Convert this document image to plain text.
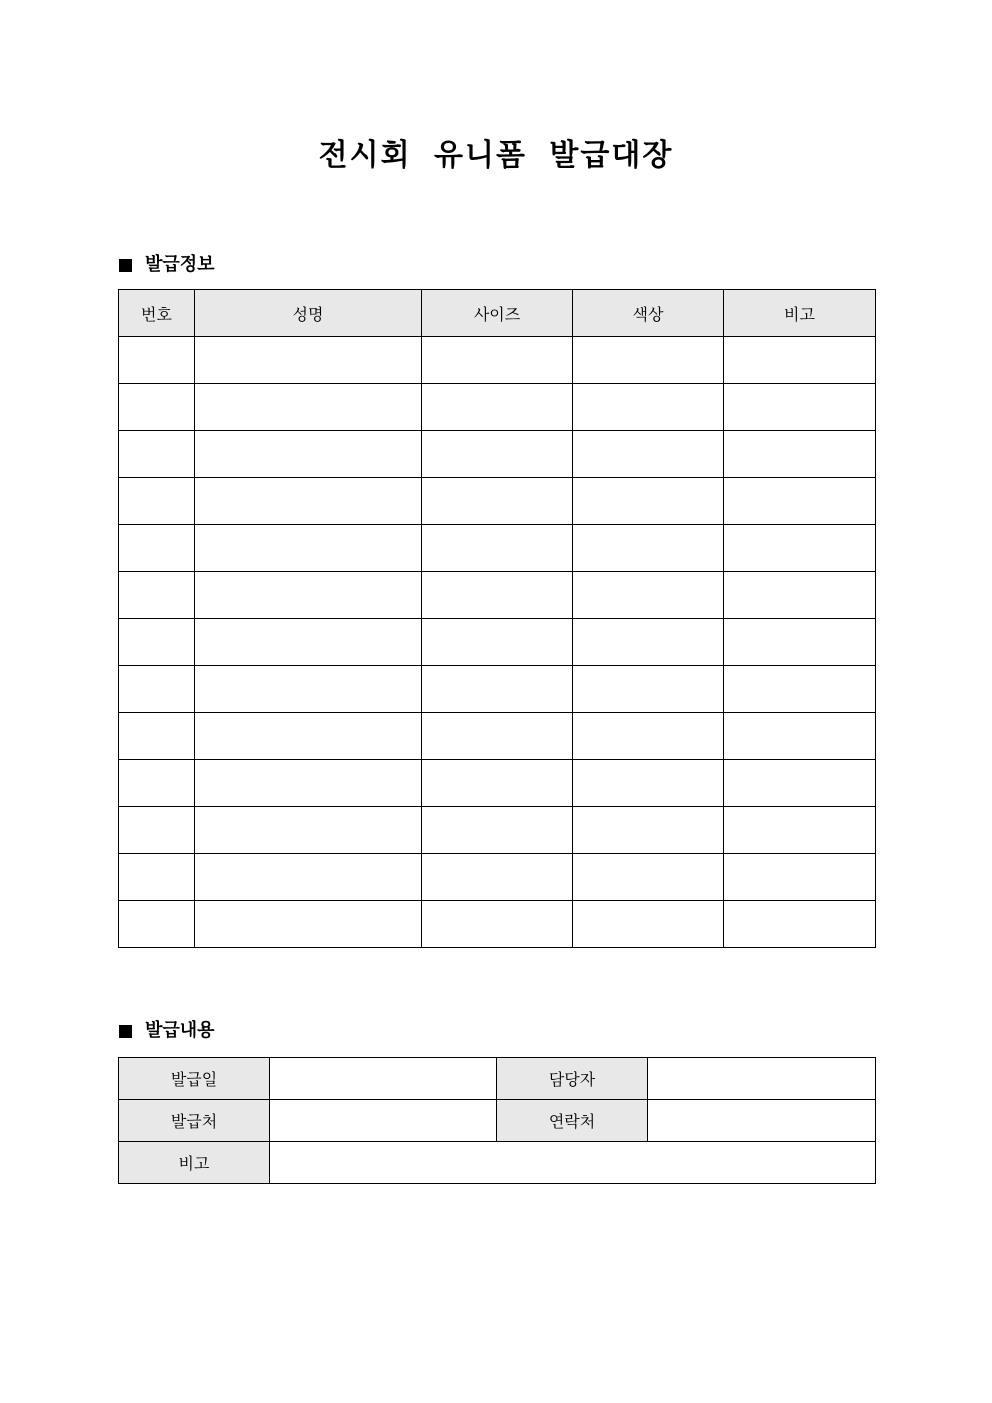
전시회 유니폼 발급대장
발급정보
번호	성명	사이즈	색상	비고

발급내용
발급일		담당자	
발급처		연락처	
비고			
